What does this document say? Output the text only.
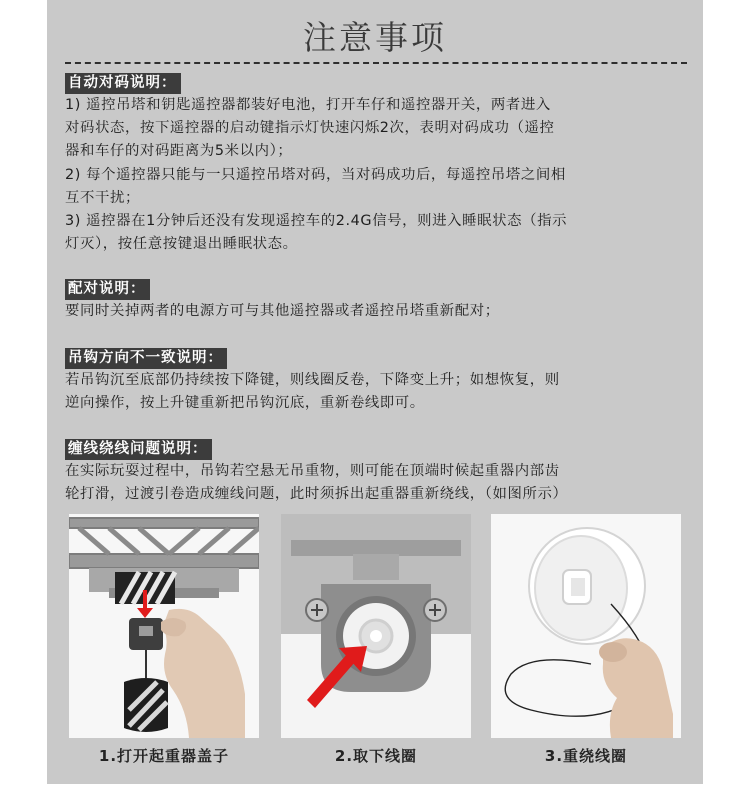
注意事项
自动对码说明：
1) 遥控吊塔和钥匙遥控器都装好电池，打开车仔和遥控器开关，两者进入
对码状态，按下遥控器的启动键指示灯快速闪烁2次，表明对码成功（遥控
器和车仔的对码距离为5米以内）；
2) 每个遥控器只能与一只遥控吊塔对码，当对码成功后，每遥控吊塔之间相
互不干扰；
3) 遥控器在1分钟后还没有发现遥控车的2.4G信号，则进入睡眠状态（指示
灯灭），按任意按键退出睡眠状态。
配对说明：
要同时关掉两者的电源方可与其他遥控器或者遥控吊塔重新配对；
吊钩方向不一致说明：
若吊钩沉至底部仍持续按下降键，则线圈反卷，下降变上升；如想恢复，则
逆向操作，按上升键重新把吊钩沉底，重新卷线即可。
缠线绕线问题说明：
在实际玩耍过程中，吊钩若空悬无吊重物，则可能在顶端时候起重器内部齿
轮打滑，过渡引卷造成缠线问题，此时须拆出起重器重新绕线，（如图所示）
1.打开起重器盖子	2.取下线圈	3.重绕线圈
